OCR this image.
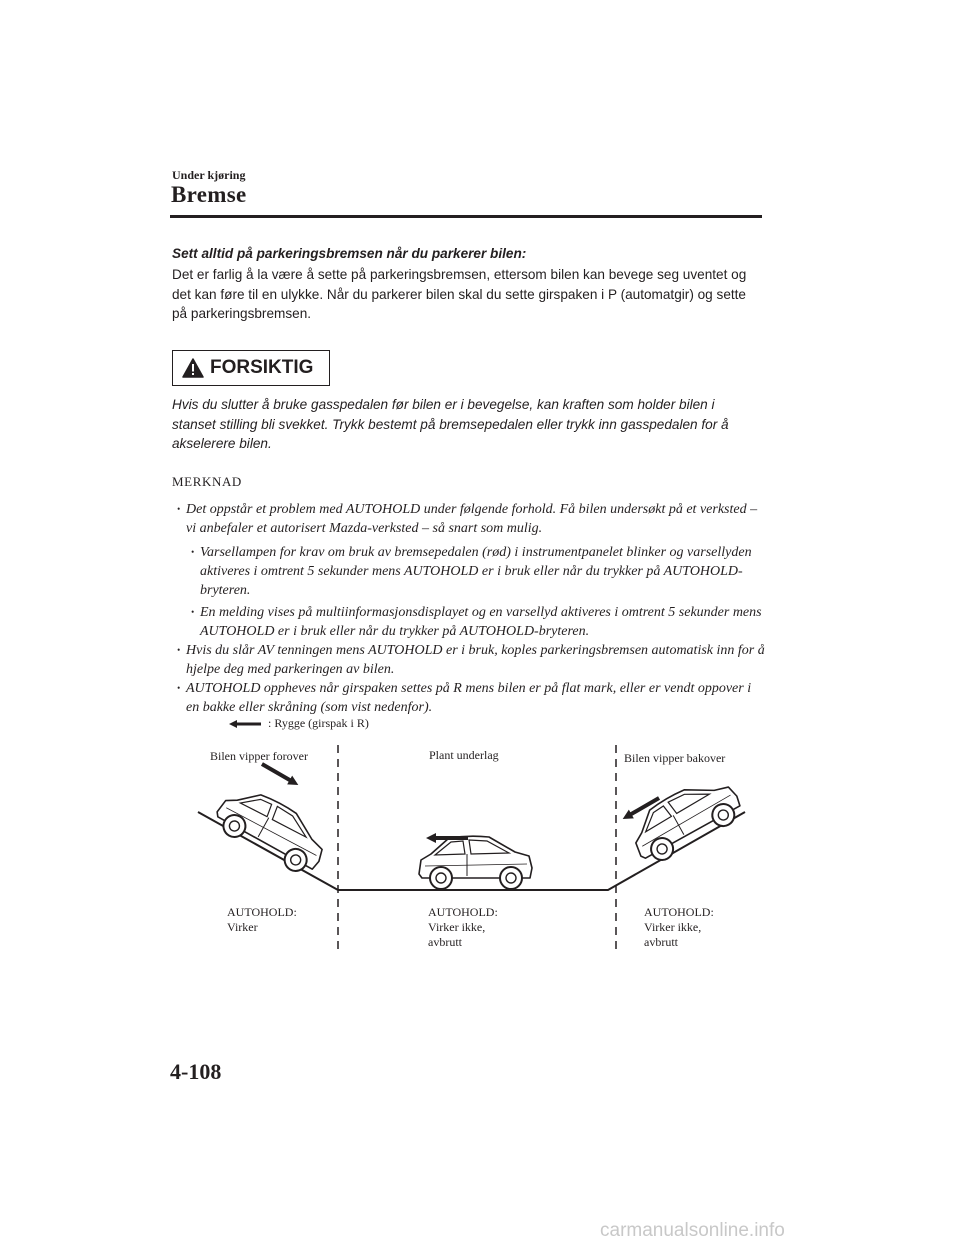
Under kjøring
Bremse
Sett alltid på parkeringsbremsen når du parkerer bilen:
Det er farlig å la være å sette på parkeringsbremsen, ettersom bilen kan bevege seg uventet og det kan føre til en ulykke. Når du parkerer bilen skal du sette girspaken i P (automatgir) og sette på parkeringsbremsen.
FORSIKTIG
Hvis du slutter å bruke gasspedalen før bilen er i bevegelse, kan kraften som holder bilen i stanset stilling bli svekket. Trykk bestemt på bremsepedalen eller trykk inn gasspedalen for å akselerere bilen.
MERKNAD
• Det oppstår et problem med AUTOHOLD under følgende forhold. Få bilen undersøkt på et verksted – vi anbefaler et autorisert Mazda-verksted – så snart som mulig.
• Varsellampen for krav om bruk av bremsepedalen (rød) i instrumentpanelet blinker og varsellyden aktiveres i omtrent 5 sekunder mens AUTOHOLD er i bruk eller når du trykker på AUTOHOLD-bryteren.
• En melding vises på multiinformasjonsdisplayet og en varsellyd aktiveres i omtrent 5 sekunder mens AUTOHOLD er i bruk eller når du trykker på AUTOHOLD-bryteren.
• Hvis du slår AV tenningen mens AUTOHOLD er i bruk, koples parkeringsbremsen automatisk inn for å hjelpe deg med parkeringen av bilen.
• AUTOHOLD oppheves når girspaken settes på R mens bilen er på flat mark, eller er vendt oppover i en bakke eller skråning (som vist nedenfor).
: Rygge (girspak i R)
Bilen vipper forover	Plant underlag	Bilen vipper bakover
AUTOHOLD:
Virker
AUTOHOLD:
Virker ikke,
avbrutt
AUTOHOLD:
Virker ikke,
avbrutt
4-108
carmanualsonline.info
